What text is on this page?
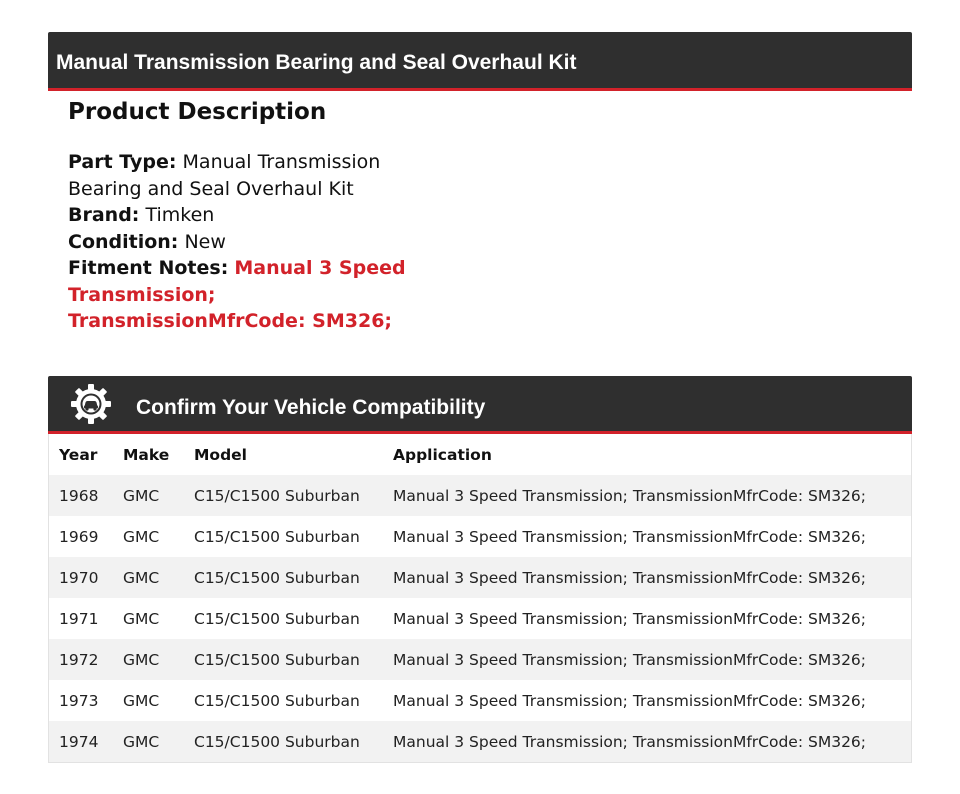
Manual Transmission Bearing and Seal Overhaul Kit
Product Description
Part Type: Manual Transmission Bearing and Seal Overhaul Kit
Brand: Timken
Condition: New
Fitment Notes: Manual 3 Speed Transmission; TransmissionMfrCode: SM326;
Confirm Your Vehicle Compatibility
Year	Make	Model	Application
1968	GMC	C15/C1500 Suburban	Manual 3 Speed Transmission; TransmissionMfrCode: SM326;
1969	GMC	C15/C1500 Suburban	Manual 3 Speed Transmission; TransmissionMfrCode: SM326;
1970	GMC	C15/C1500 Suburban	Manual 3 Speed Transmission; TransmissionMfrCode: SM326;
1971	GMC	C15/C1500 Suburban	Manual 3 Speed Transmission; TransmissionMfrCode: SM326;
1972	GMC	C15/C1500 Suburban	Manual 3 Speed Transmission; TransmissionMfrCode: SM326;
1973	GMC	C15/C1500 Suburban	Manual 3 Speed Transmission; TransmissionMfrCode: SM326;
1974	GMC	C15/C1500 Suburban	Manual 3 Speed Transmission; TransmissionMfrCode: SM326;
